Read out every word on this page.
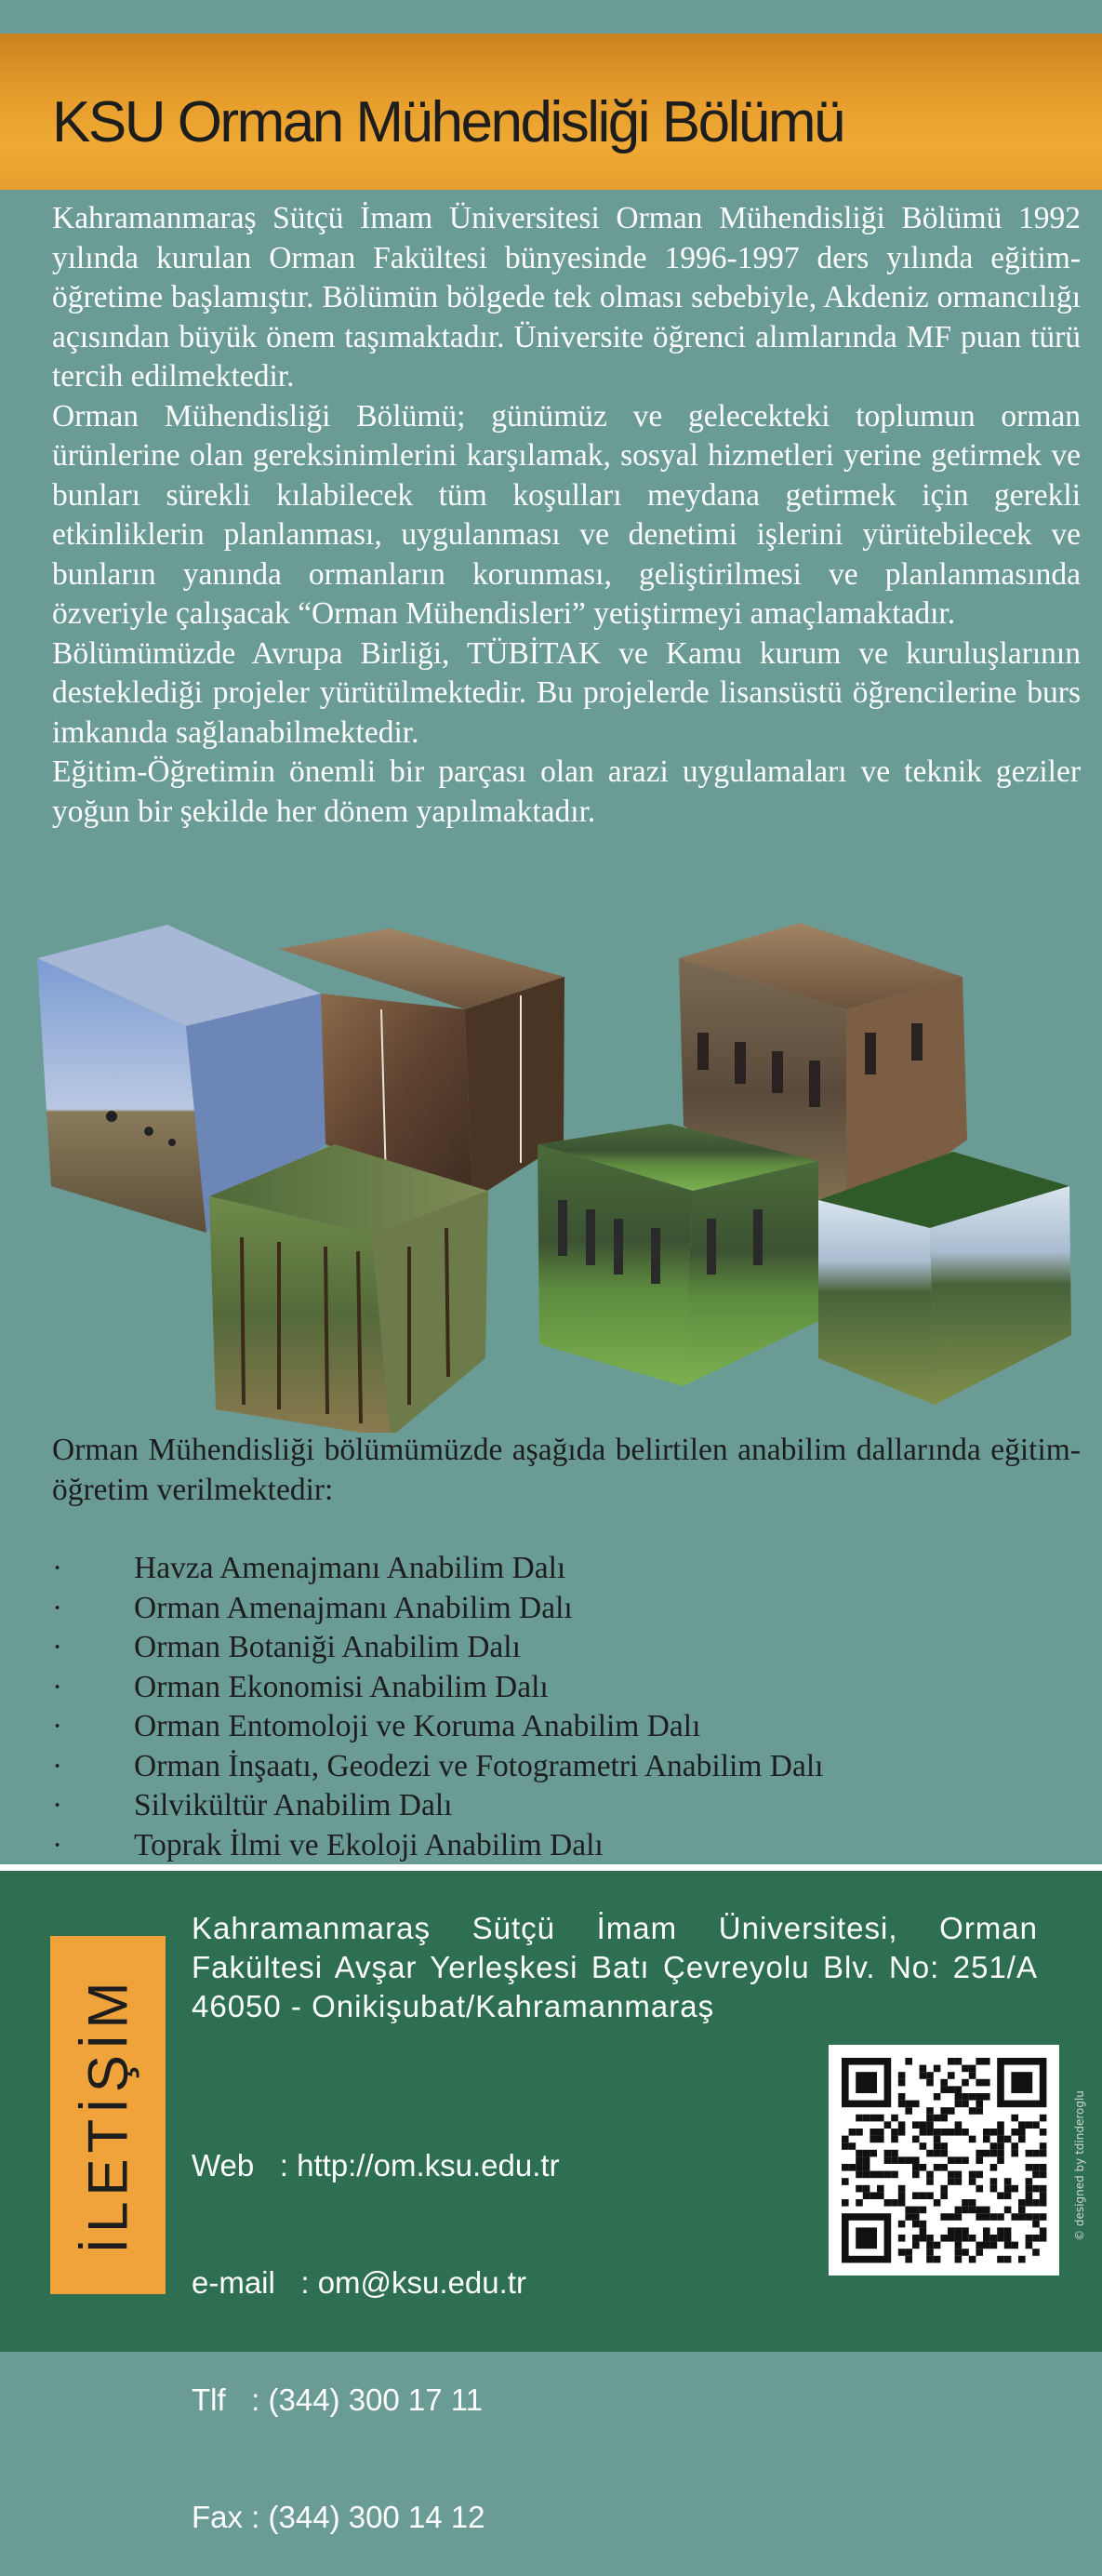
KSU Orman Mühendisliği Bölümü

Kahramanmaraş Sütçü İmam Üniversitesi Orman Mühendisliği Bölümü 1992 yılında kurulan Orman Fakültesi bünyesinde 1996-1997 ders yılında eğitim-öğretime başlamıştır. Bölümün bölgede tek olması sebebiyle, Akdeniz ormancılığı açısından büyük önem taşımaktadır. Üniversite öğrenci alımlarında MF puan türü tercih edilmektedir.

Orman Mühendisliği Bölümü; günümüz ve gelecekteki toplumun orman ürünlerine olan gereksinimlerini karşılamak, sosyal hizmetleri yerine getirmek ve bunları sürekli kılabilecek tüm koşulları meydana getirmek için gerekli etkinliklerin planlanması, uygulanması ve denetimi işlerini yürütebilecek ve bunların yanında ormanların korunması, geliştirilmesi ve planlanmasında özveriyle çalışacak “Orman Mühendisleri” yetiştirmeyi amaçlamaktadır.

Bölümümüzde Avrupa Birliği, TÜBİTAK ve Kamu kurum ve kuruluşlarının desteklediği projeler yürütülmektedir. Bu projelerde lisansüstü öğrencilerine burs imkanıda sağlanabilmektedir.

Eğitim-Öğretimin önemli bir parçası olan arazi uygulamaları ve teknik geziler yoğun bir şekilde her dönem yapılmaktadır.

Orman Mühendisliği bölümümüzde aşağıda belirtilen anabilim dallarında eğitim-öğretim verilmektedir:
· Havza Amenajmanı Anabilim Dalı
· Orman Amenajmanı Anabilim Dalı
· Orman Botaniği Anabilim Dalı
· Orman Ekonomisi Anabilim Dalı
· Orman Entomoloji ve Koruma Anabilim Dalı
· Orman İnşaatı, Geodezi ve Fotogrametri Anabilim Dalı
· Silvikültür Anabilim Dalı
· Toprak İlmi ve Ekoloji Anabilim Dalı
İLETİŞİM
Kahramanmaraş Sütçü İmam Üniversitesi, Orman Fakültesi Avşar Yerleşkesi Batı Çevreyolu Blv. No: 251/A 46050 - Onikişubat/Kahramanmaraş

Web   : http://om.ksu.edu.tr

e-mail   : om@ksu.edu.tr

Tlf   : (344) 300 17 11

Fax : (344) 300 14 12

© designed by tdinderoglu
